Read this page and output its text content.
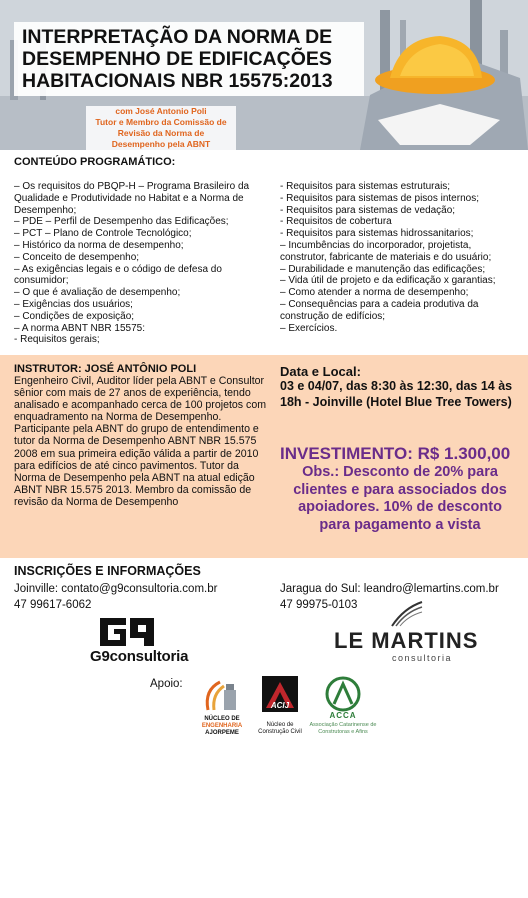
INTERPRETAÇÃO DA NORMA DE
DESEMPENHO DE EDIFICAÇÕES
HABITACIONAIS NBR 15575:2013
com José Antonio Poli
Tutor e Membro da Comissão de
Revisão da Norma de
Desempenho pela ABNT
CONTEÚDO PROGRAMÁTICO:
– Os requisitos do PBQP-H – Programa Brasileiro da Qualidade e Produtividade no Habitat e a Norma de Desempenho;
– PDE – Perfil de Desempenho das Edificações;
– PCT – Plano de Controle Tecnológico;
– Histórico da norma de desempenho;
– Conceito de desempenho;
– As exigências legais e o código de defesa do consumidor;
– O que é avaliação de desempenho;
– Exigências dos usuários;
– Condições de exposição;
– A norma ABNT NBR 15575:
- Requisitos gerais;
- Requisitos para sistemas estruturais;
- Requisitos para sistemas de pisos internos;
- Requisitos para sistemas de vedação;
- Requisitos de cobertura
- Requisitos para sistemas hidrossanitarios;
– Incumbências do incorporador, projetista, construtor, fabricante de materiais e do usuário;
– Durabilidade e manutenção das edificações;
– Vida útil de projeto e da edificação x garantias;
– Como atender a norma de desempenho;
– Consequências para a cadeia produtiva da construção de edifícios;
– Exercícios.
INSTRUTOR: JOSÉ ANTÔNIO POLI
Engenheiro Civil, Auditor líder pela ABNT e Consultor sênior com mais de 27 anos de experiência, tendo analisado e acompanhado cerca de 100 projetos com enquadramento na Norma de Desempenho. Participante pela ABNT do grupo de entendimento e tutor da Norma de Desempenho ABNT NBR 15.575 2008 em sua primeira edição válida a partir de 2010 para edifícios de até cinco pavimentos. Tutor da Norma de Desempenho pela ABNT na atual edição ABNT NBR 15.575 2013. Membro da comissão de revisão da Norma de Desempenho
Data e Local:
03 e 04/07, das 8:30 às 12:30, das 14 às 18h - Joinville (Hotel Blue Tree Towers)
INVESTIMENTO: R$ 1.300,00
Obs.: Desconto de 20% para clientes e para associados dos apoiadores. 10% de desconto para pagamento a vista
INSCRIÇÕES E INFORMAÇÕES
Joinville: contato@g9consultoria.com.br
47 99617-6062
Jaragua do Sul: leandro@lemartins.com.br
47 99975-0103
G9consultoria
LE MARTINS
consultoria
Apoio:
NÚCLEO DE
ENGENHARIA
AJORPEME
ACIJ
Núcleo de
Construção Civil
ACCA
Associação Catarinense de
Construtoras e Afins
